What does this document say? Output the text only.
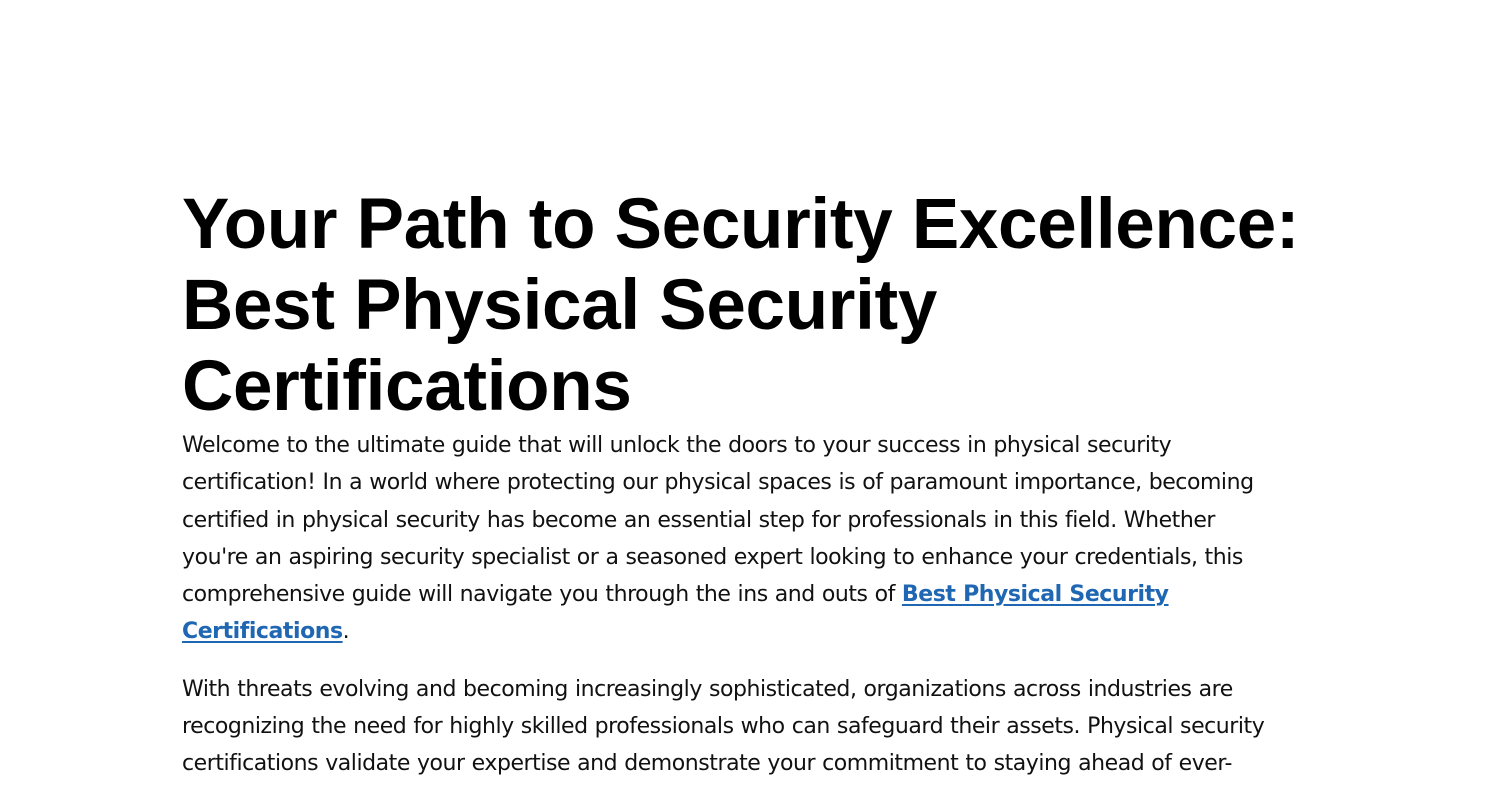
Your Path to Security Excellence:
Best Physical Security
Certifications

Welcome to the ultimate guide that will unlock the doors to your success in physical security
certification! In a world where protecting our physical spaces is of paramount importance, becoming
certified in physical security has become an essential step for professionals in this field. Whether
you're an aspiring security specialist or a seasoned expert looking to enhance your credentials, this
comprehensive guide will navigate you through the ins and outs of Best Physical Security
Certifications.

With threats evolving and becoming increasingly sophisticated, organizations across industries are
recognizing the need for highly skilled professionals who can safeguard their assets. Physical security
certifications validate your expertise and demonstrate your commitment to staying ahead of ever-
